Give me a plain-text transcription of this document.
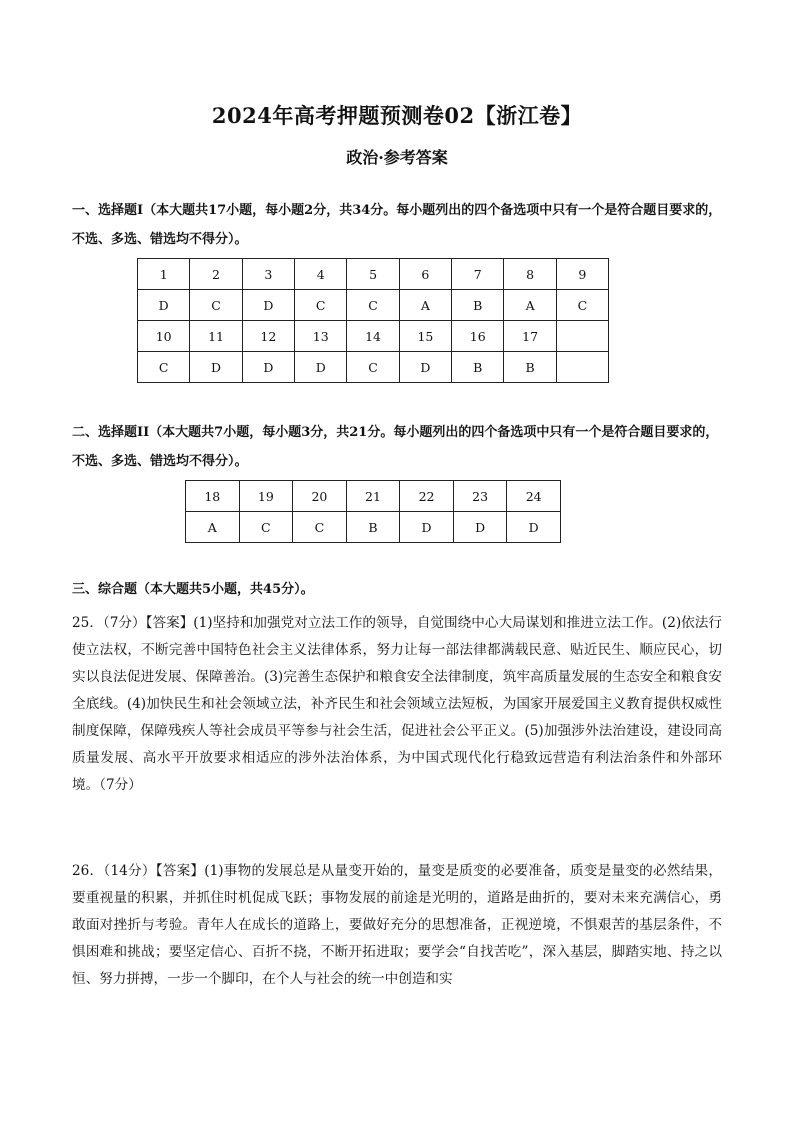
2024年高考押题预测卷02【浙江卷】
政治·参考答案
一、选择题I（本大题共17小题，每小题2分，共34分。每小题列出的四个备选项中只有一个是符合题目要求的，不选、多选、错选均不得分）。
1	2	3	4	5	6	7	8	9
D	C	D	C	C	A	B	A	C
10	11	12	13	14	15	16	17	
C	D	D	D	C	D	B	B	
二、选择题II（本大题共7小题，每小题3分，共21分。每小题列出的四个备选项中只有一个是符合题目要求的，不选、多选、错选均不得分）。
18	19	20	21	22	23	24
A	C	C	B	D	D	D
三、综合题（本大题共5小题，共45分）。
25．（7分）【答案】(1)坚持和加强党对立法工作的领导，自觉围绕中心大局谋划和推进立法工作。(2)依法行使立法权，不断完善中国特色社会主义法律体系，努力让每一部法律都满载民意、贴近民生、顺应民心，切实以良法促进发展、保障善治。(3)完善生态保护和粮食安全法律制度，筑牢高质量发展的生态安全和粮食安全底线。(4)加快民生和社会领域立法，补齐民生和社会领域立法短板，为国家开展爱国主义教育提供权威性制度保障，保障残疾人等社会成员平等参与社会生活，促进社会公平正义。(5)加强涉外法治建设，建设同高质量发展、高水平开放要求相适应的涉外法治体系，为中国式现代化行稳致远营造有利法治条件和外部环境。（7分）
26．（14分）【答案】(1)事物的发展总是从量变开始的，量变是质变的必要准备，质变是量变的必然结果，要重视量的积累，并抓住时机促成飞跃；事物发展的前途是光明的，道路是曲折的，要对未来充满信心，勇敢面对挫折与考验。青年人在成长的道路上，要做好充分的思想准备，正视逆境，不惧艰苦的基层条件，不惧困难和挑战；要坚定信心、百折不挠，不断开拓进取；要学会“自找苦吃”，深入基层，脚踏实地、持之以恒、努力拼搏，一步一个脚印，在个人与社会的统一中创造和实
